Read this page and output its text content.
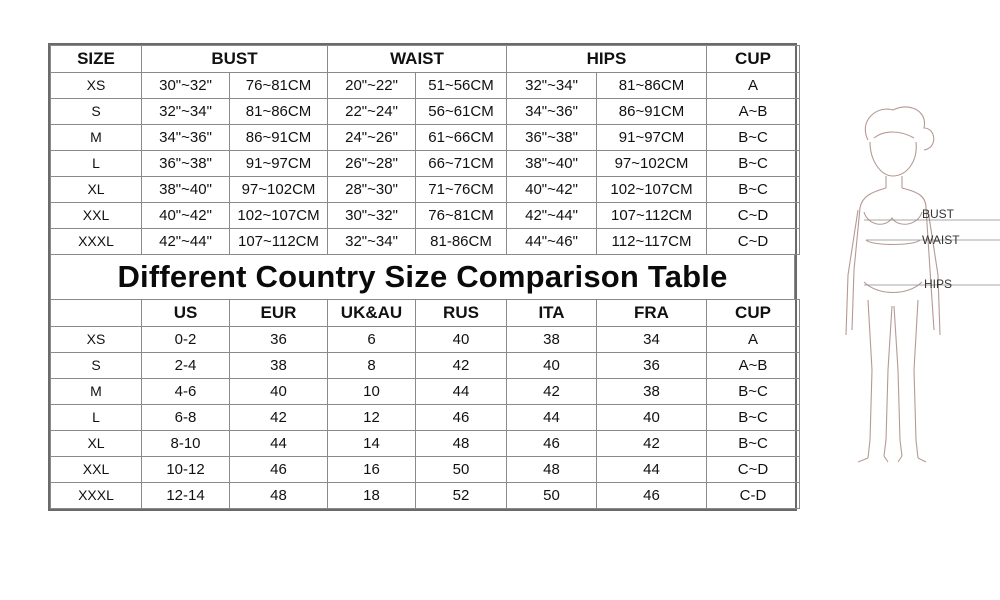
SIZE	BUST		WAIST		HIPS		CUP
XS	30"~32"	76~81CM	20"~22"	51~56CM	32"~34"	81~86CM	A
S	32"~34"	81~86CM	22"~24"	56~61CM	34"~36"	86~91CM	A~B
M	34"~36"	86~91CM	24"~26"	61~66CM	36"~38"	91~97CM	B~C
L	36"~38"	91~97CM	26"~28"	66~71CM	38"~40"	97~102CM	B~C
XL	38"~40"	97~102CM	28"~30"	71~76CM	40"~42"	102~107CM	B~C
XXL	40"~42"	102~107CM	30"~32"	76~81CM	42"~44"	107~112CM	C~D
XXXL	42"~44"	107~112CM	32"~34"	81-86CM	44"~46"	112~117CM	C~D
Different Country Size Comparison Table
	US	EUR	UK&AU	RUS	ITA	FRA	CUP
XS	0-2	36	6	40	38	34	A
S	2-4	38	8	42	40	36	A~B
M	4-6	40	10	44	42	38	B~C
L	6-8	42	12	46	44	40	B~C
XL	8-10	44	14	48	46	42	B~C
XXL	10-12	46	16	50	48	44	C~D
XXXL	12-14	48	18	52	50	46	C-D
BUST
WAIST
HIPS
